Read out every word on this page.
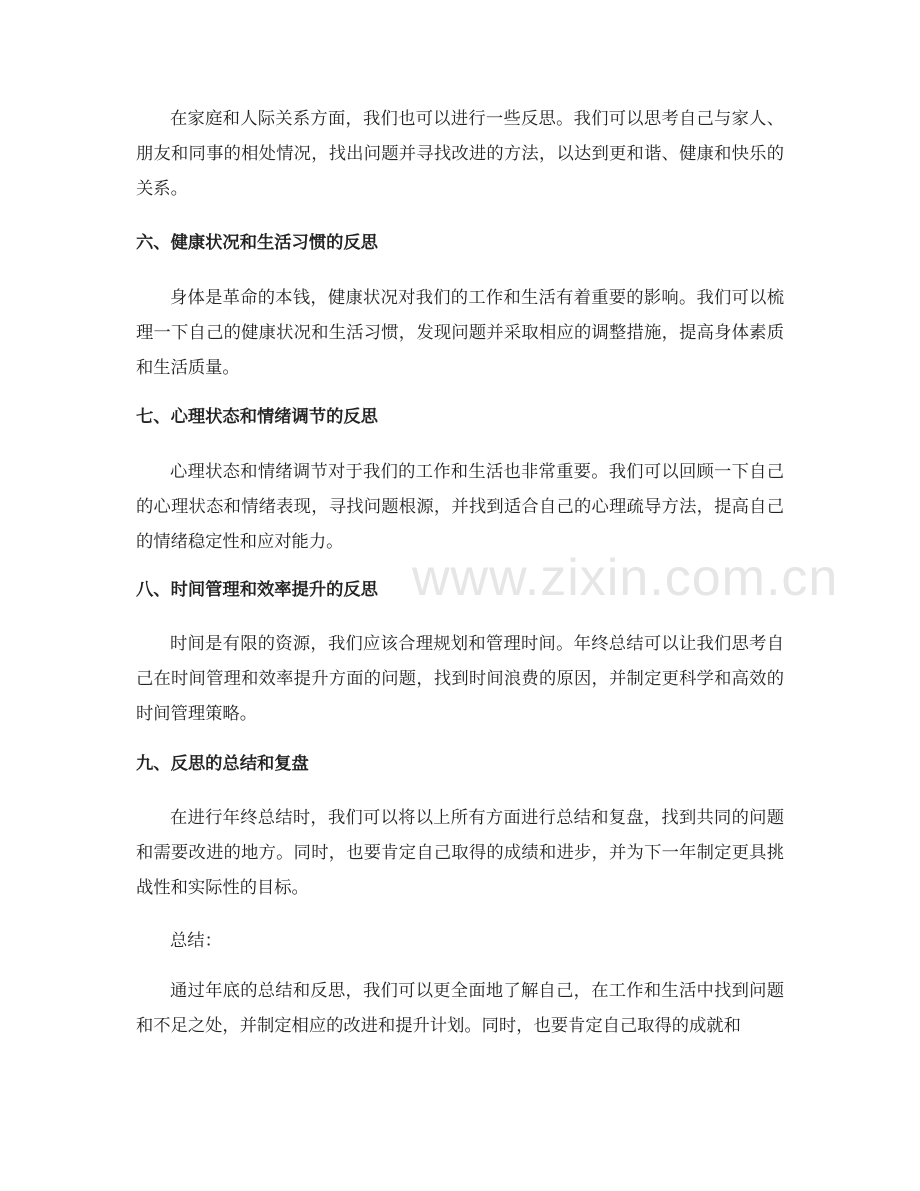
在家庭和人际关系方面，我们也可以进行一些反思。我们可以思考自己与家人、朋友和同事的相处情况，找出问题并寻找改进的方法，以达到更和谐、健康和快乐的关系。

六、健康状况和生活习惯的反思

身体是革命的本钱，健康状况对我们的工作和生活有着重要的影响。我们可以梳理一下自己的健康状况和生活习惯，发现问题并采取相应的调整措施，提高身体素质和生活质量。

七、心理状态和情绪调节的反思

心理状态和情绪调节对于我们的工作和生活也非常重要。我们可以回顾一下自己的心理状态和情绪表现，寻找问题根源，并找到适合自己的心理疏导方法，提高自己的情绪稳定性和应对能力。

八、时间管理和效率提升的反思

时间是有限的资源，我们应该合理规划和管理时间。年终总结可以让我们思考自己在时间管理和效率提升方面的问题，找到时间浪费的原因，并制定更科学和高效的时间管理策略。

九、反思的总结和复盘

在进行年终总结时，我们可以将以上所有方面进行总结和复盘，找到共同的问题和需要改进的地方。同时，也要肯定自己取得的成绩和进步，并为下一年制定更具挑战性和实际性的目标。

总结：

通过年底的总结和反思，我们可以更全面地了解自己，在工作和生活中找到问题和不足之处，并制定相应的改进和提升计划。同时，也要肯定自己取得的成就和

www.zixin.com.cn
